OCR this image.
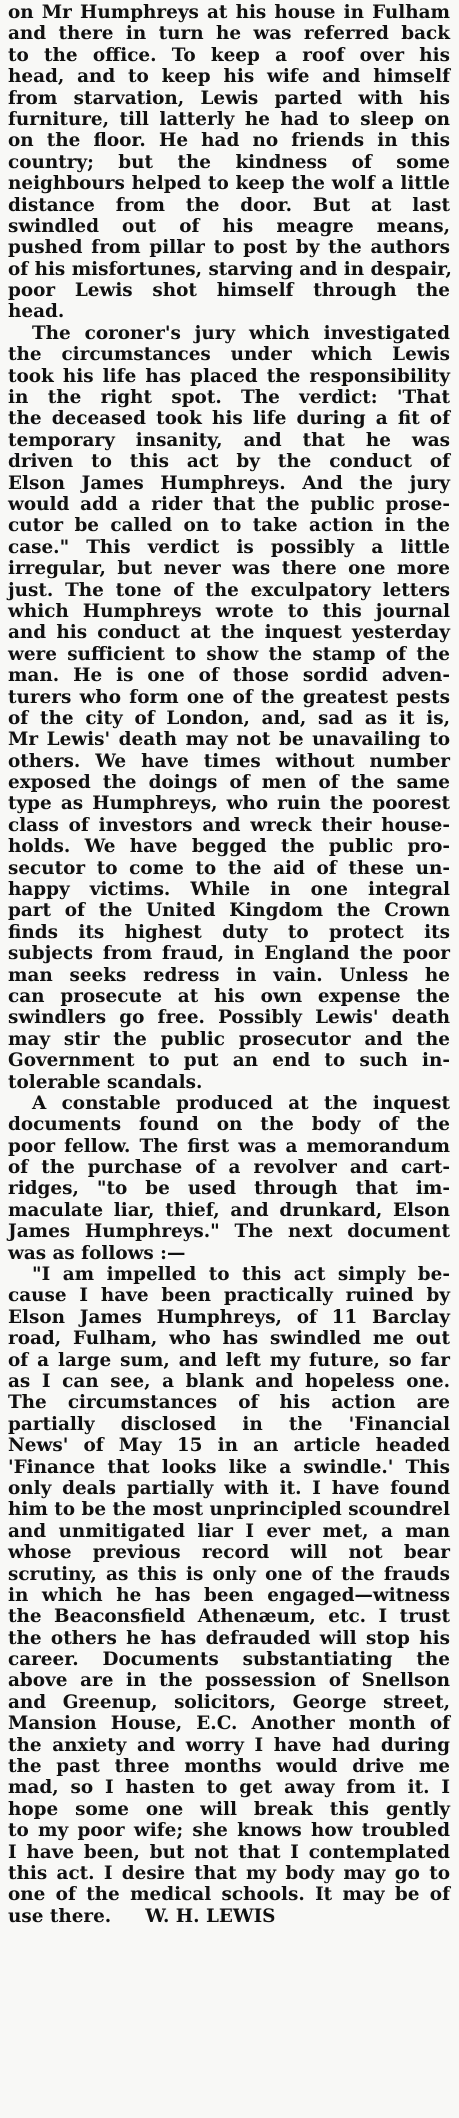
on Mr Humphreys at his house in Fulham
and there in turn he was referred back
to the office. To keep a roof over his
head, and to keep his wife and himself
from starvation, Lewis parted with his
furniture, till latterly he had to sleep on
on the floor. He had no friends in this
country; but the kindness of some
neighbours helped to keep the wolf a little
distance from the door. But at last
swindled out of his meagre means,
pushed from pillar to post by the authors
of his misfortunes, starving and in despair,
poor Lewis shot himself through the
head.
The coroner's jury which investigated
the circumstances under which Lewis
took his life has placed the responsibility
in the right spot. The verdict: 'That
the deceased took his life during a fit of
temporary insanity, and that he was
driven to this act by the conduct of
Elson James Humphreys. And the jury
would add a rider that the public prose-
cutor be called on to take action in the
case." This verdict is possibly a little
irregular, but never was there one more
just. The tone of the exculpatory letters
which Humphreys wrote to this journal
and his conduct at the inquest yesterday
were sufficient to show the stamp of the
man. He is one of those sordid adven-
turers who form one of the greatest pests
of the city of London, and, sad as it is,
Mr Lewis' death may not be unavailing to
others. We have times without number
exposed the doings of men of the same
type as Humphreys, who ruin the poorest
class of investors and wreck their house-
holds. We have begged the public pro-
secutor to come to the aid of these un-
happy victims. While in one integral
part of the United Kingdom the Crown
finds its highest duty to protect its
subjects from fraud, in England the poor
man seeks redress in vain. Unless he
can prosecute at his own expense the
swindlers go free. Possibly Lewis' death
may stir the public prosecutor and the
Government to put an end to such in-
tolerable scandals.
A constable produced at the inquest
documents found on the body of the
poor fellow. The first was a memorandum
of the purchase of a revolver and cart-
ridges, "to be used through that im-
maculate liar, thief, and drunkard, Elson
James Humphreys." The next document
was as follows :—
"I am impelled to this act simply be-
cause I have been practically ruined by
Elson James Humphreys, of 11 Barclay
road, Fulham, who has swindled me out
of a large sum, and left my future, so far
as I can see, a blank and hopeless one.
The circumstances of his action are
partially disclosed in the 'Financial
News' of May 15 in an article headed
'Finance that looks like a swindle.' This
only deals partially with it. I have found
him to be the most unprincipled scoundrel
and unmitigated liar I ever met, a man
whose previous record will not bear
scrutiny, as this is only one of the frauds
in which he has been engaged—witness
the Beaconsfield Athenæum, etc. I trust
the others he has defrauded will stop his
career. Documents substantiating the
above are in the possession of Snellson
and Greenup, solicitors, George street,
Mansion House, E.C. Another month of
the anxiety and worry I have had during
the past three months would drive me
mad, so I hasten to get away from it. I
hope some one will break this gently
to my poor wife; she knows how troubled
I have been, but not that I contemplated
this act. I desire that my body may go to
one of the medical schools. It may be of
use there. W. H. LEWIS
